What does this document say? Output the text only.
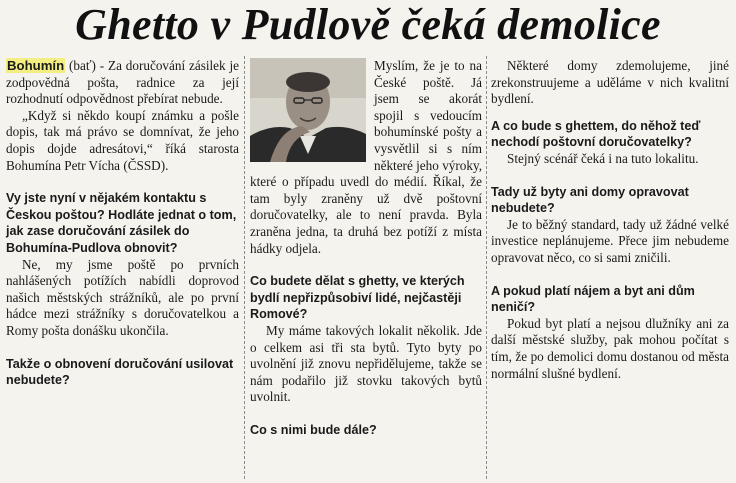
Ghetto v Pudlově čeká demolice

Bohumín (bať) - Za doručování zásilek je zodpovědná pošta, radnice za její rozhodnutí odpovědnost přebírat nebude.

„Když si někdo koupí známku a pošle dopis, tak má právo se domnívat, že jeho dopis dojde adresátovi,“ říká starosta Bohumína Petr Vícha (ČSSD).

Vy jste nyní v nějakém kontaktu s Českou poštou? Hodláte jednat o tom, jak zase doručování zásilek do Bohumína-Pudlova obnovit?

Ne, my jsme poště po prvních nahlášených potížích nabídli doprovod našich městských strážníků, ale po první hádce mezi strážníky s doručovatelkou a Romy pošta donášku ukončila.

Takže o obnovení doručování usilovat nebudete?

Myslím, že je to na České poště. Já jsem se akorát spojil s vedoucím bohumínské pošty a vysvětlil si s ním některé jeho výroky, které o případu uvedl do médií. Říkal, že tam byly zraněny už dvě poštovní doručovatelky, ale to není pravda. Byla zraněna jedna, ta druhá bez potíží z místa hádky odjela.

Co budete dělat s ghetty, ve kterých bydlí nepřizpůsobiví lidé, nejčastěji Romové?

My máme takových lokalit několik. Jde o celkem asi tři sta bytů. Tyto byty po uvolnění již znovu nepřidělujeme, takže se nám podařilo již stovku takových bytů uvolnit.

Co s nimi bude dále?

Některé domy zdemolujeme, jiné zrekonstruujeme a uděláme v nich kvalitní bydlení.

A co bude s ghettem, do něhož teď nechodí poštovní doručovatelky?

Stejný scénář čeká i na tuto lokalitu.

Tady už byty ani domy opravovat nebudete?

Je to běžný standard, tady už žádné velké investice neplánujeme. Přece jim nebudeme opravovat něco, co si sami zničili.

A pokud platí nájem a byt ani dům neničí?

Pokud byt platí a nejsou dlužníky ani za další městské služby, pak mohou počítat s tím, že po demolici domu dostanou od města normální slušné bydlení.
